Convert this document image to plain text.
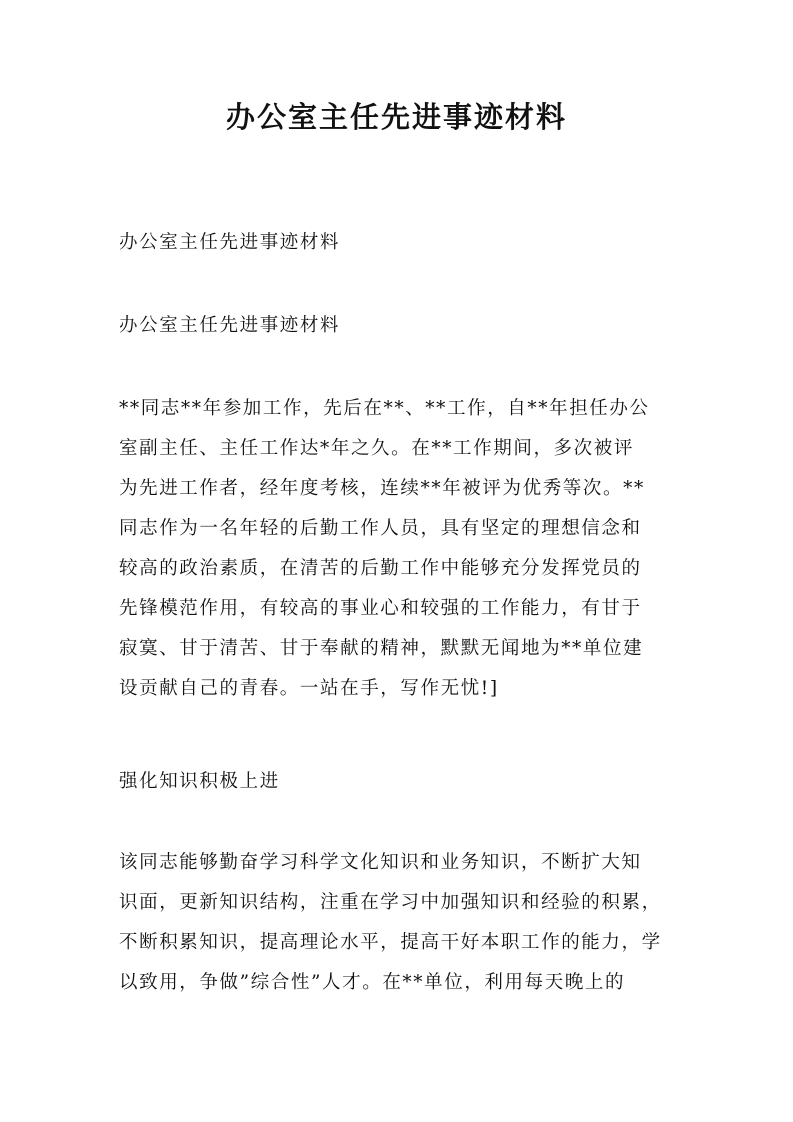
办公室主任先进事迹材料

办公室主任先进事迹材料

办公室主任先进事迹材料

**同志**年参加工作，先后在**、**工作，自**年担任办公

室副主任、主任工作达*年之久。在**工作期间，多次被评

为先进工作者，经年度考核，连续**年被评为优秀等次。**

同志作为一名年轻的后勤工作人员，具有坚定的理想信念和

较高的政治素质，在清苦的后勤工作中能够充分发挥党员的

先锋模范作用，有较高的事业心和较强的工作能力，有甘于

寂寞、甘于清苦、甘于奉献的精神，默默无闻地为**单位建

设贡献自己的青春。一站在手，写作无忧!]

强化知识积极上进

该同志能够勤奋学习科学文化知识和业务知识，不断扩大知

识面，更新知识结构，注重在学习中加强知识和经验的积累，

不断积累知识，提高理论水平，提高干好本职工作的能力，学

以致用，争做”综合性”人才。在**单位，利用每天晚上的
